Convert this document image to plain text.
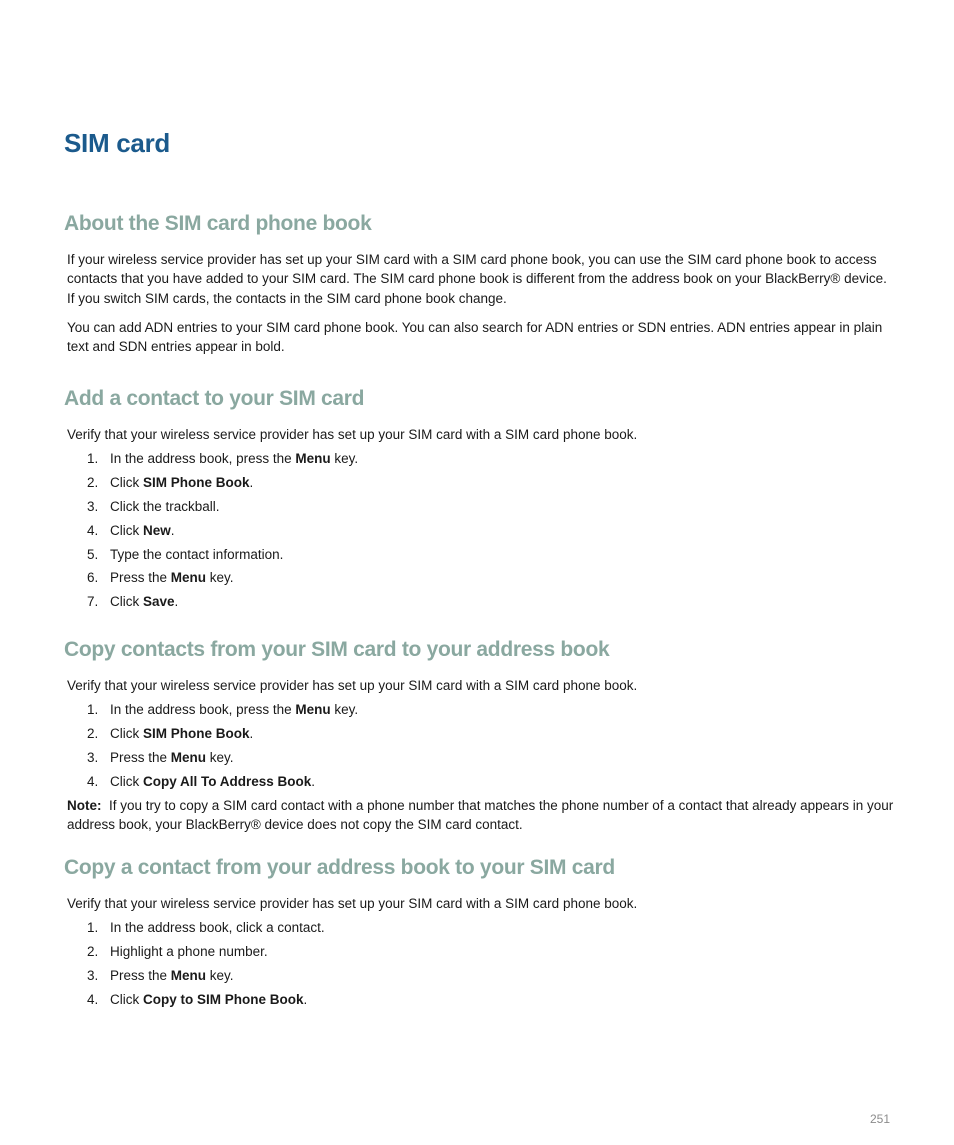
SIM card
About the SIM card phone book

If your wireless service provider has set up your SIM card with a SIM card phone book, you can use the SIM card phone book to access contacts that you have added to your SIM card. The SIM card phone book is different from the address book on your BlackBerry® device. If you switch SIM cards, the contacts in the SIM card phone book change.

You can add ADN entries to your SIM card phone book. You can also search for ADN entries or SDN entries. ADN entries appear in plain text and SDN entries appear in bold.

Add a contact to your SIM card

Verify that your wireless service provider has set up your SIM card with a SIM card phone book.

1. In the address book, press the Menu key.
2. Click SIM Phone Book.
3. Click the trackball.
4. Click New.
5. Type the contact information.
6. Press the Menu key.
7. Click Save.
Copy contacts from your SIM card to your address book

Verify that your wireless service provider has set up your SIM card with a SIM card phone book.

1. In the address book, press the Menu key.
2. Click SIM Phone Book.
3. Press the Menu key.
4. Click Copy All To Address Book.

Note: If you try to copy a SIM card contact with a phone number that matches the phone number of a contact that already appears in your address book, your BlackBerry® device does not copy the SIM card contact.

Copy a contact from your address book to your SIM card

Verify that your wireless service provider has set up your SIM card with a SIM card phone book.

1. In the address book, click a contact.
2. Highlight a phone number.
3. Press the Menu key.
4. Click Copy to SIM Phone Book.
251
